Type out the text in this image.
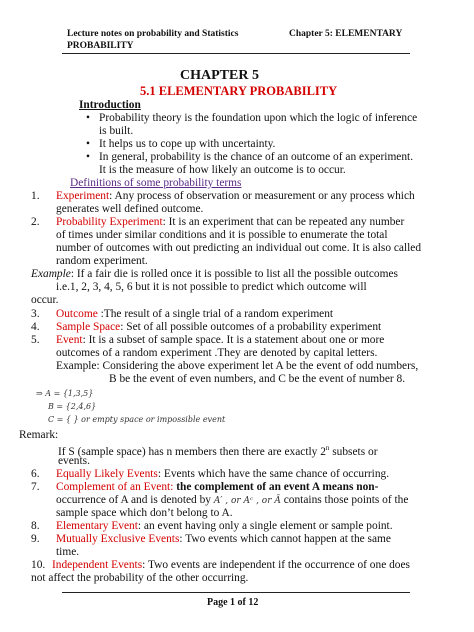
Lecture notes on probability and Statistics
PROBABILITY
Chapter 5: ELEMENTARY
CHAPTER 5
5.1 ELEMENTARY PROBABILITY
Introduction
• Probability theory is the foundation upon which the logic of inference
is built.
• It helps us to cope up with uncertainty.
• In general, probability is the chance of an outcome of an experiment.
It is the measure of how likely an outcome is to occur.
Definitions of some probability terms
1. Experiment: Any process of observation or measurement or any process which
generates well defined outcome.
2. Probability Experiment: It is an experiment that can be repeated any number
of times under similar conditions and it is possible to enumerate the total
number of outcomes with out predicting an individual out come. It is also called
random experiment.
Example: If a fair die is rolled once it is possible to list all the possible outcomes
i.e.1, 2, 3, 4, 5, 6 but it is not possible to predict which outcome will
occur.
3. Outcome :The result of a single trial of a random experiment
4. Sample Space: Set of all possible outcomes of a probability experiment
5. Event: It is a subset of sample space. It is a statement about one or more
outcomes of a random experiment .They are denoted by capital letters.
Example: Considering the above experiment let A be the event of odd numbers,
B be the event of even numbers, and C be the event of number 8.
⇒ A = {1,3,5}
B = {2,4,6}
C = { } or empty space or impossible event
Remark:
If S (sample space) has n members then there are exactly 2$^n$ subsets or
events.
6. Equally Likely Events: Events which have the same chance of occurring.
7. Complement of an Event: the complement of an event A means non-
occurrence of A and is denoted by A′ , or Aᶜ , or Ā contains those points of the
sample space which don’t belong to A.
8. Elementary Event: an event having only a single element or sample point.
9. Mutually Exclusive Events: Two events which cannot happen at the same
time.
10. Independent Events: Two events are independent if the occurrence of one does
not affect the probability of the other occurring.
Page 1 of 12
